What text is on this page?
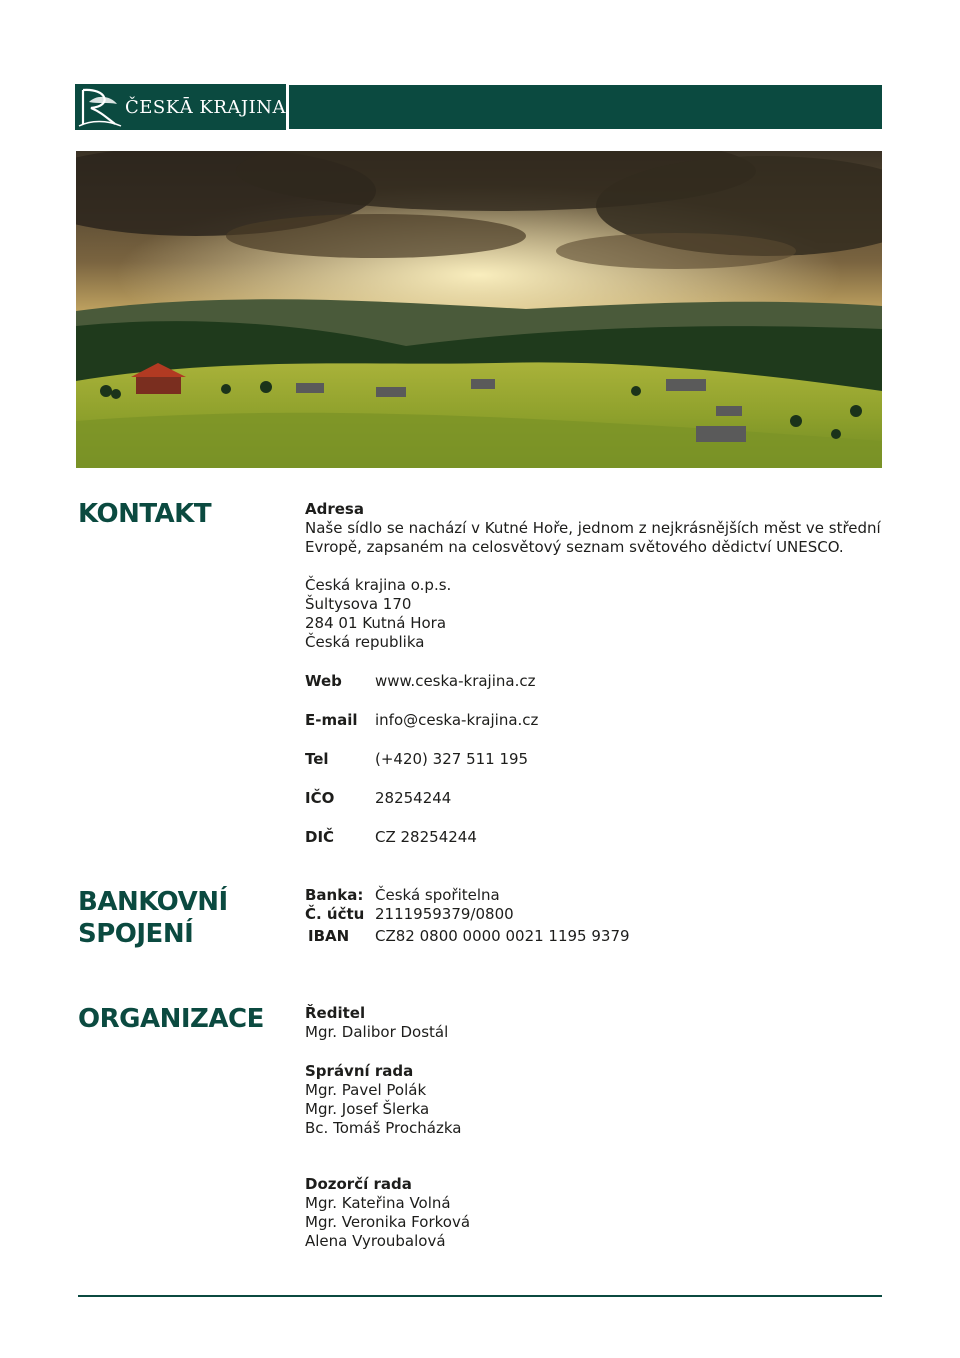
ČESKĀ KRAJINA
KONTAKT	Adresa
Naše sídlo se nachází v Kutné Hoře, jednom z nejkrásnějších měst ve střední
Evropě, zapsaném na celosvětový seznam světového dědictví UNESCO.
Česká krajina o.p.s.
Šultysova 170
284 01 Kutná Hora
Česká republika
Web www.ceska-krajina.cz
E-mail info@ceska-krajina.cz
Tel	(+420) 327 511 195
IČO	28254244
DIČ	CZ 28254244
BANKOVNÍ
SPOJENÍ
Banka: Česká spořitelna
Č. účtu 2111959379/0800
IBAN CZ82 0800 0000 0021 1195 9379
ORGANIZACE	Ředitel
Mgr. Dalibor Dostál
Správní rada
Mgr. Pavel Polák
Mgr. Josef Šlerka
Bc. Tomáš Procházka
Dozorčí rada
Mgr. Kateřina Volná
Mgr. Veronika Forková
Alena Vyroubalová
